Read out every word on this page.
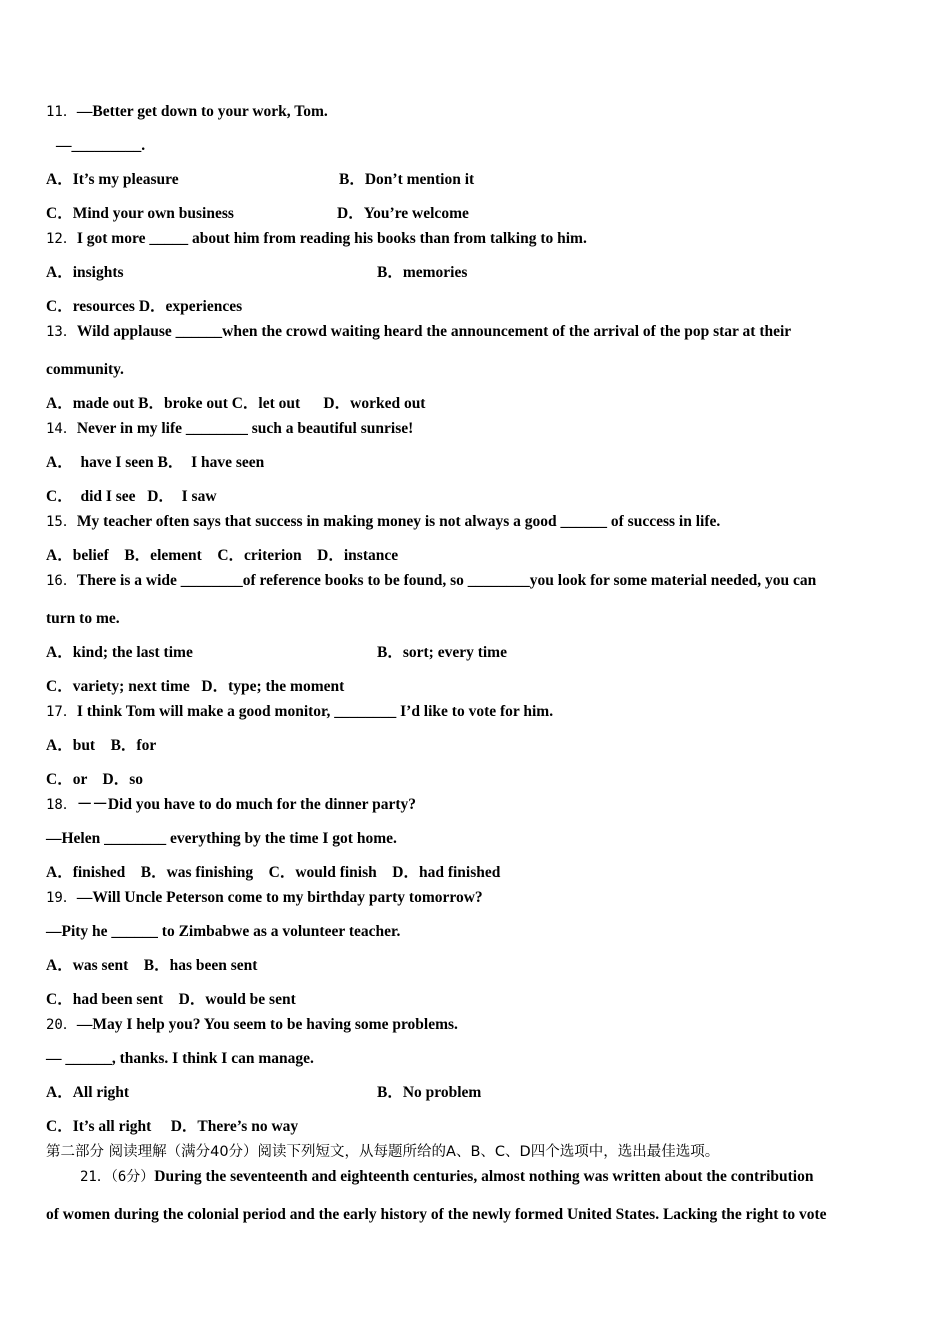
11．—Better get down to your work, Tom.
—_________.
A．It’s my pleasure	B．Don’t mention it
C．Mind your own business	D．You’re welcome
12．I got more _____ about him from reading his books than from talking to him.
A．insights	B．memories
C．resources D．experiences
13．Wild applause ______when the crowd waiting heard the announcement of the arrival of the pop star at their
community.
A．made out B．broke out C．let out      D．worked out
14．Never in my life ________ such a beautiful sunrise!
A．  have I seen B．  I have seen
C．  did I see   D．  I saw
15．My teacher often says that success in making money is not always a good ______ of success in life.
A．belief    B．element    C．criterion    D．instance
16．There is a wide ________of reference books to be found, so ________you look for some material needed, you can
turn to me.
A．kind; the last time	B．sort; every time
C．variety; next time   D．type; the moment
17．I think Tom will make a good monitor, ________ I’d like to vote for him.
A．but    B．for
C．or    D．so
18．－－Did you have to do much for the dinner party?
—Helen ________ everything by the time I got home.
A．finished    B．was finishing    C．would finish    D．had finished
19．—Will Uncle Peterson come to my birthday party tomorrow?
—Pity he ______ to Zimbabwe as a volunteer teacher.
A．was sent    B．has been sent
C．had been sent    D．would be sent
20．—May I help you? You seem to be having some problems.
— ______, thanks. I think I can manage.
A．All right	B．No problem
C．It’s all right     D．There’s no way
第二部分 阅读理解（满分40分）阅读下列短文，从每题所给的A、B、C、D四个选项中，选出最佳选项。
21．（6分）During the seventeenth and eighteenth centuries, almost nothing was written about the contribution
of women during the colonial period and the early history of the newly formed United States. Lacking the right to vote
